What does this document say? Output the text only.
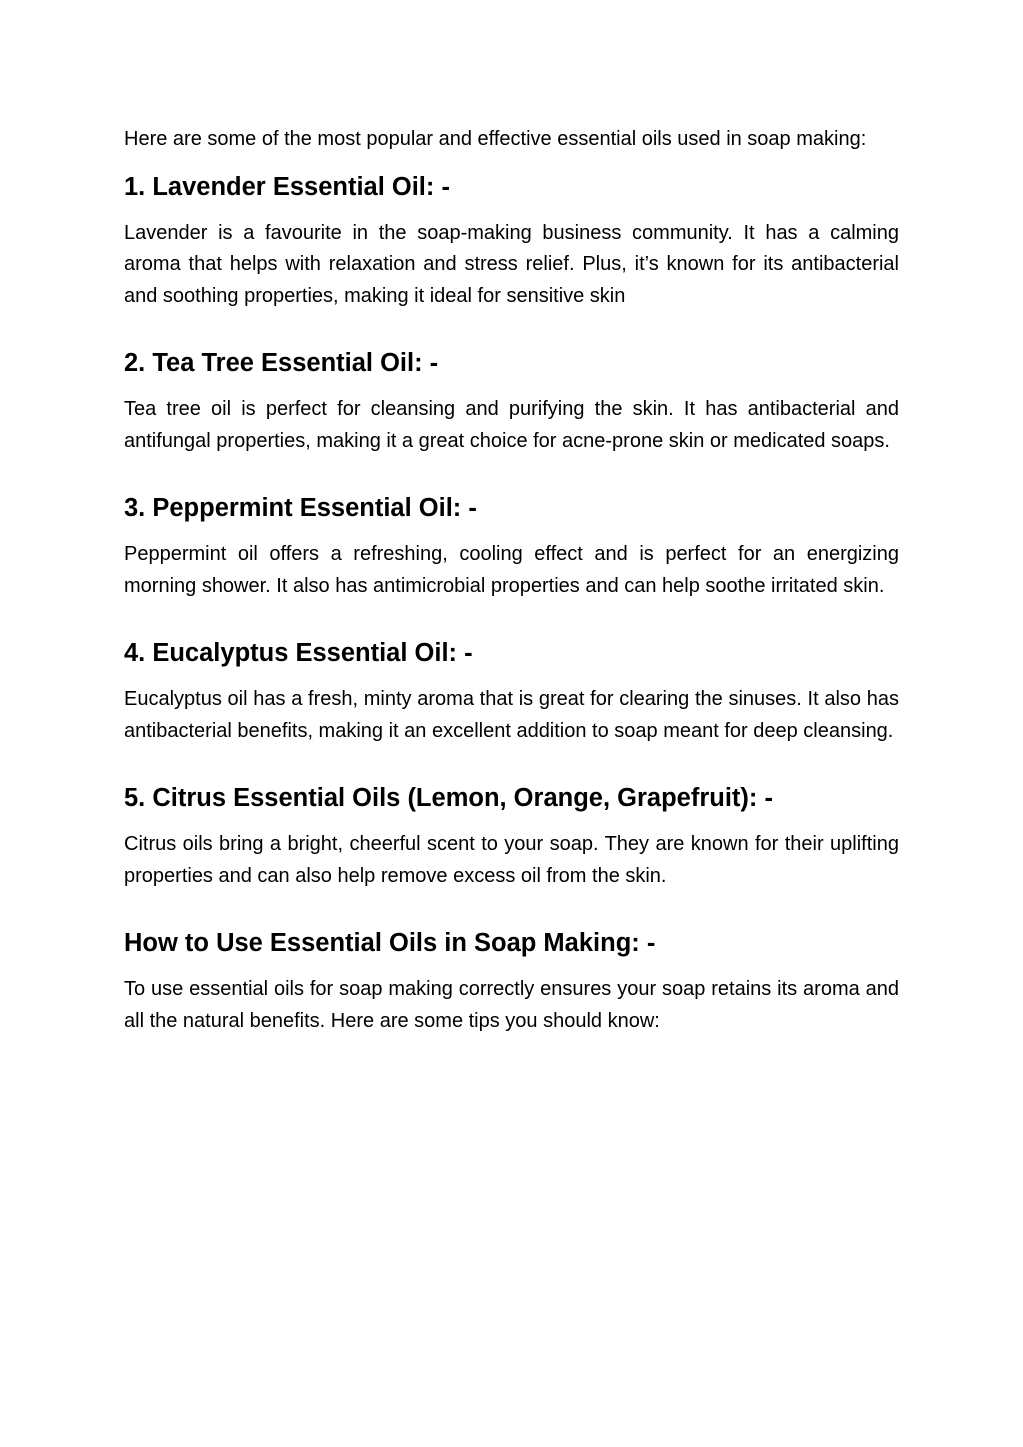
Here are some of the most popular and effective essential oils used in soap making:

1. Lavender Essential Oil: -

Lavender is a favourite in the soap-making business community. It has a calming aroma that helps with relaxation and stress relief. Plus, it’s known for its antibacterial and soothing properties, making it ideal for sensitive skin

2. Tea Tree Essential Oil: -

Tea tree oil is perfect for cleansing and purifying the skin. It has antibacterial and antifungal properties, making it a great choice for acne-prone skin or medicated soaps.

3. Peppermint Essential Oil: -

Peppermint oil offers a refreshing, cooling effect and is perfect for an energizing morning shower. It also has antimicrobial properties and can help soothe irritated skin.

4. Eucalyptus Essential Oil: -

Eucalyptus oil has a fresh, minty aroma that is great for clearing the sinuses. It also has antibacterial benefits, making it an excellent addition to soap meant for deep cleansing.

5. Citrus Essential Oils (Lemon, Orange, Grapefruit): -

Citrus oils bring a bright, cheerful scent to your soap. They are known for their uplifting properties and can also help remove excess oil from the skin.

How to Use Essential Oils in Soap Making: -

To use essential oils for soap making correctly ensures your soap retains its aroma and all the natural benefits. Here are some tips you should know:
